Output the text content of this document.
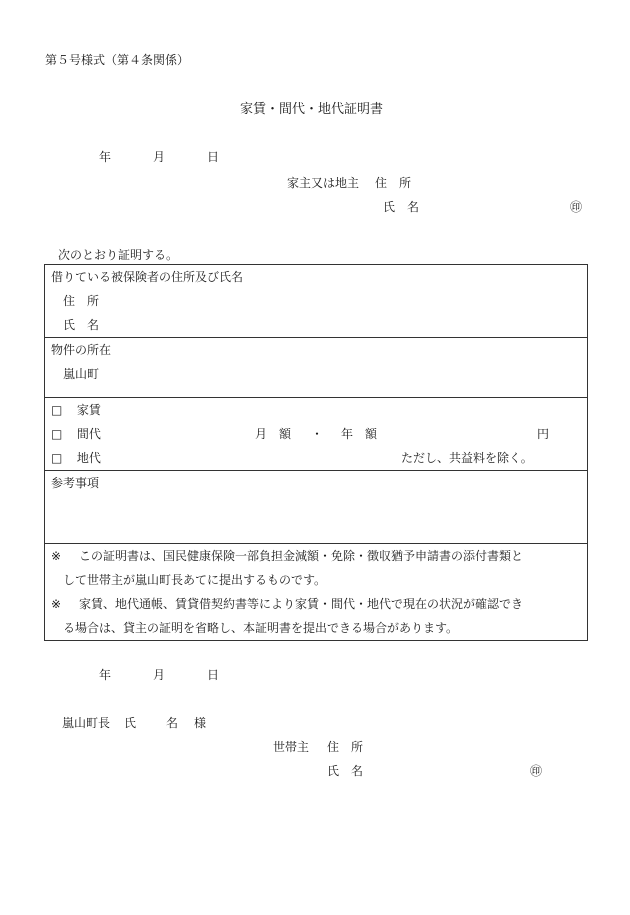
第５号様式（第４条関係）
家賃・間代・地代証明書
年	月	日
家主又は地主 住　所
氏　名	㊞
次のとおり証明する。
借りている被保険者の住所及び氏名
住　所
氏　名

物件の所在
嵐山町

□ 家賃
□ 間代	月　額 ・ 年　額	円
□ 地代	ただし、共益料を除く。

参考事項

※	この証明書は、国民健康保険一部負担金減額・免除・徴収猶予申請書の添付書類と
して世帯主が嵐山町長あてに提出するものです。
※	家賃、地代通帳、賃貸借契約書等により家賃・間代・地代で現在の状況が確認でき
る場合は、貸主の証明を省略し、本証明書を提出できる場合があります。
年	月	日
嵐山町長 氏 名 様
世帯主 住　所
氏　名	㊞
